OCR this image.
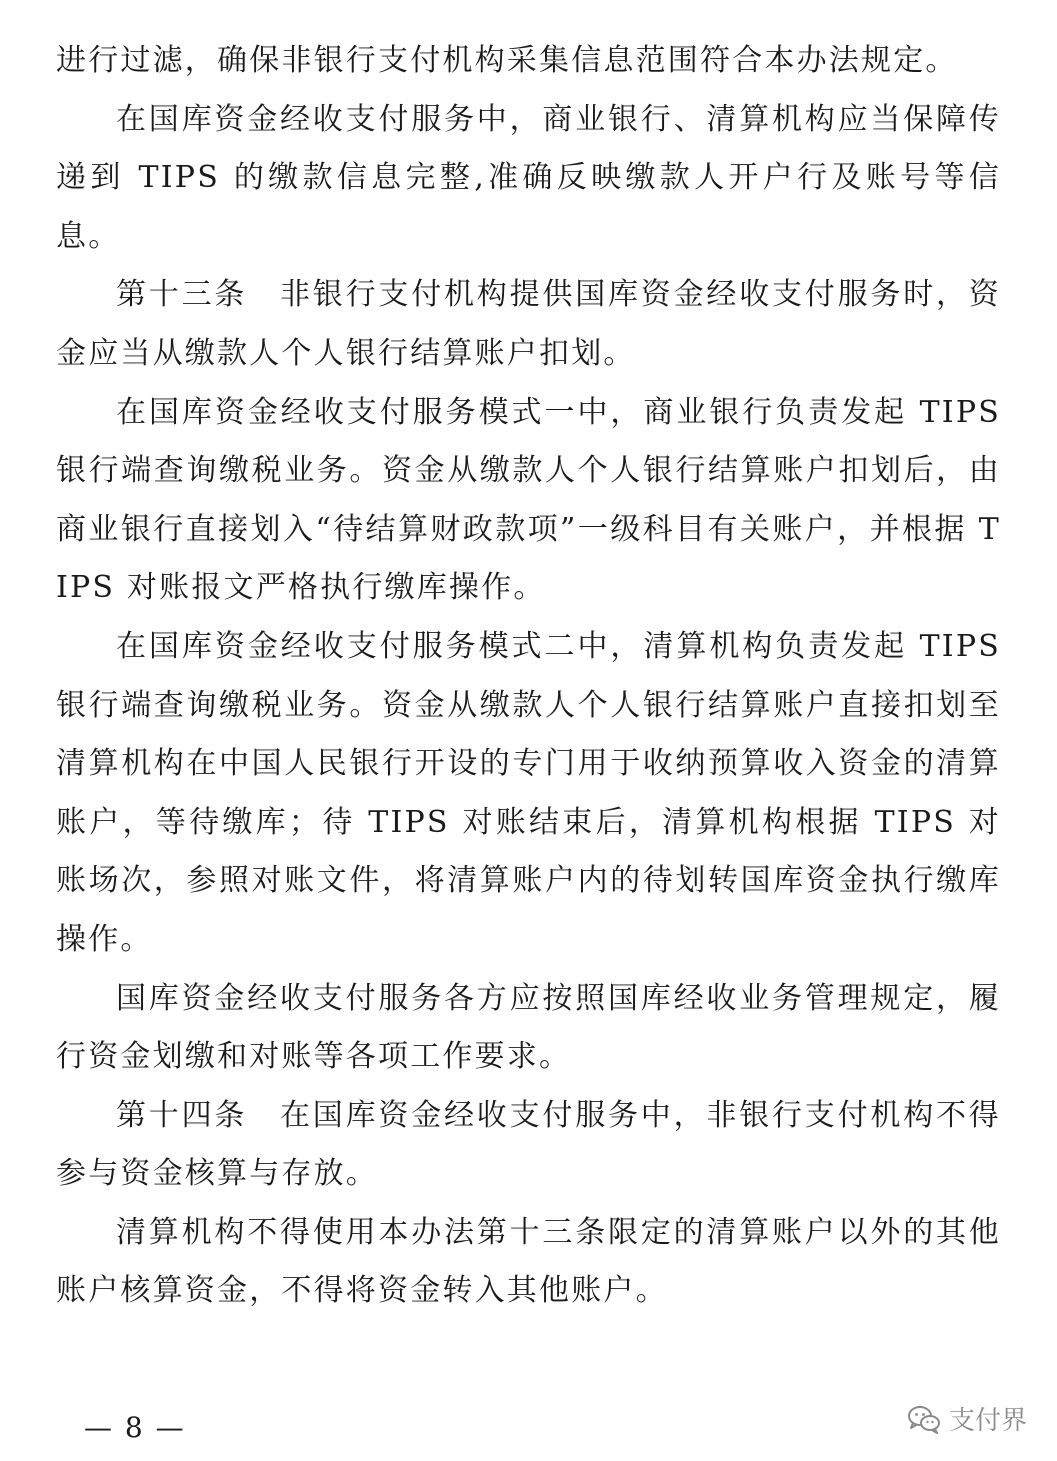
进行过滤，确保非银行支付机构采集信息范围符合本办法规定。

在国库资金经收支付服务中，商业银行、清算机构应当保障传递到 TIPS 的缴款信息完整,准确反映缴款人开户行及账号等信息。

第十三条　非银行支付机构提供国库资金经收支付服务时，资金应当从缴款人个人银行结算账户扣划。

在国库资金经收支付服务模式一中，商业银行负责发起 TIPS 银行端查询缴税业务。资金从缴款人个人银行结算账户扣划后，由商业银行直接划入“待结算财政款项”一级科目有关账户，并根据 TIPS 对账报文严格执行缴库操作。

在国库资金经收支付服务模式二中，清算机构负责发起 TIPS 银行端查询缴税业务。资金从缴款人个人银行结算账户直接扣划至清算机构在中国人民银行开设的专门用于收纳预算收入资金的清算账户，等待缴库；待 TIPS 对账结束后，清算机构根据 TIPS 对账场次，参照对账文件，将清算账户内的待划转国库资金执行缴库操作。

国库资金经收支付服务各方应按照国库经收业务管理规定，履行资金划缴和对账等各项工作要求。

第十四条　在国库资金经收支付服务中，非银行支付机构不得参与资金核算与存放。

清算机构不得使用本办法第十三条限定的清算账户以外的其他账户核算资金，不得将资金转入其他账户。

— 8 —	支付界
